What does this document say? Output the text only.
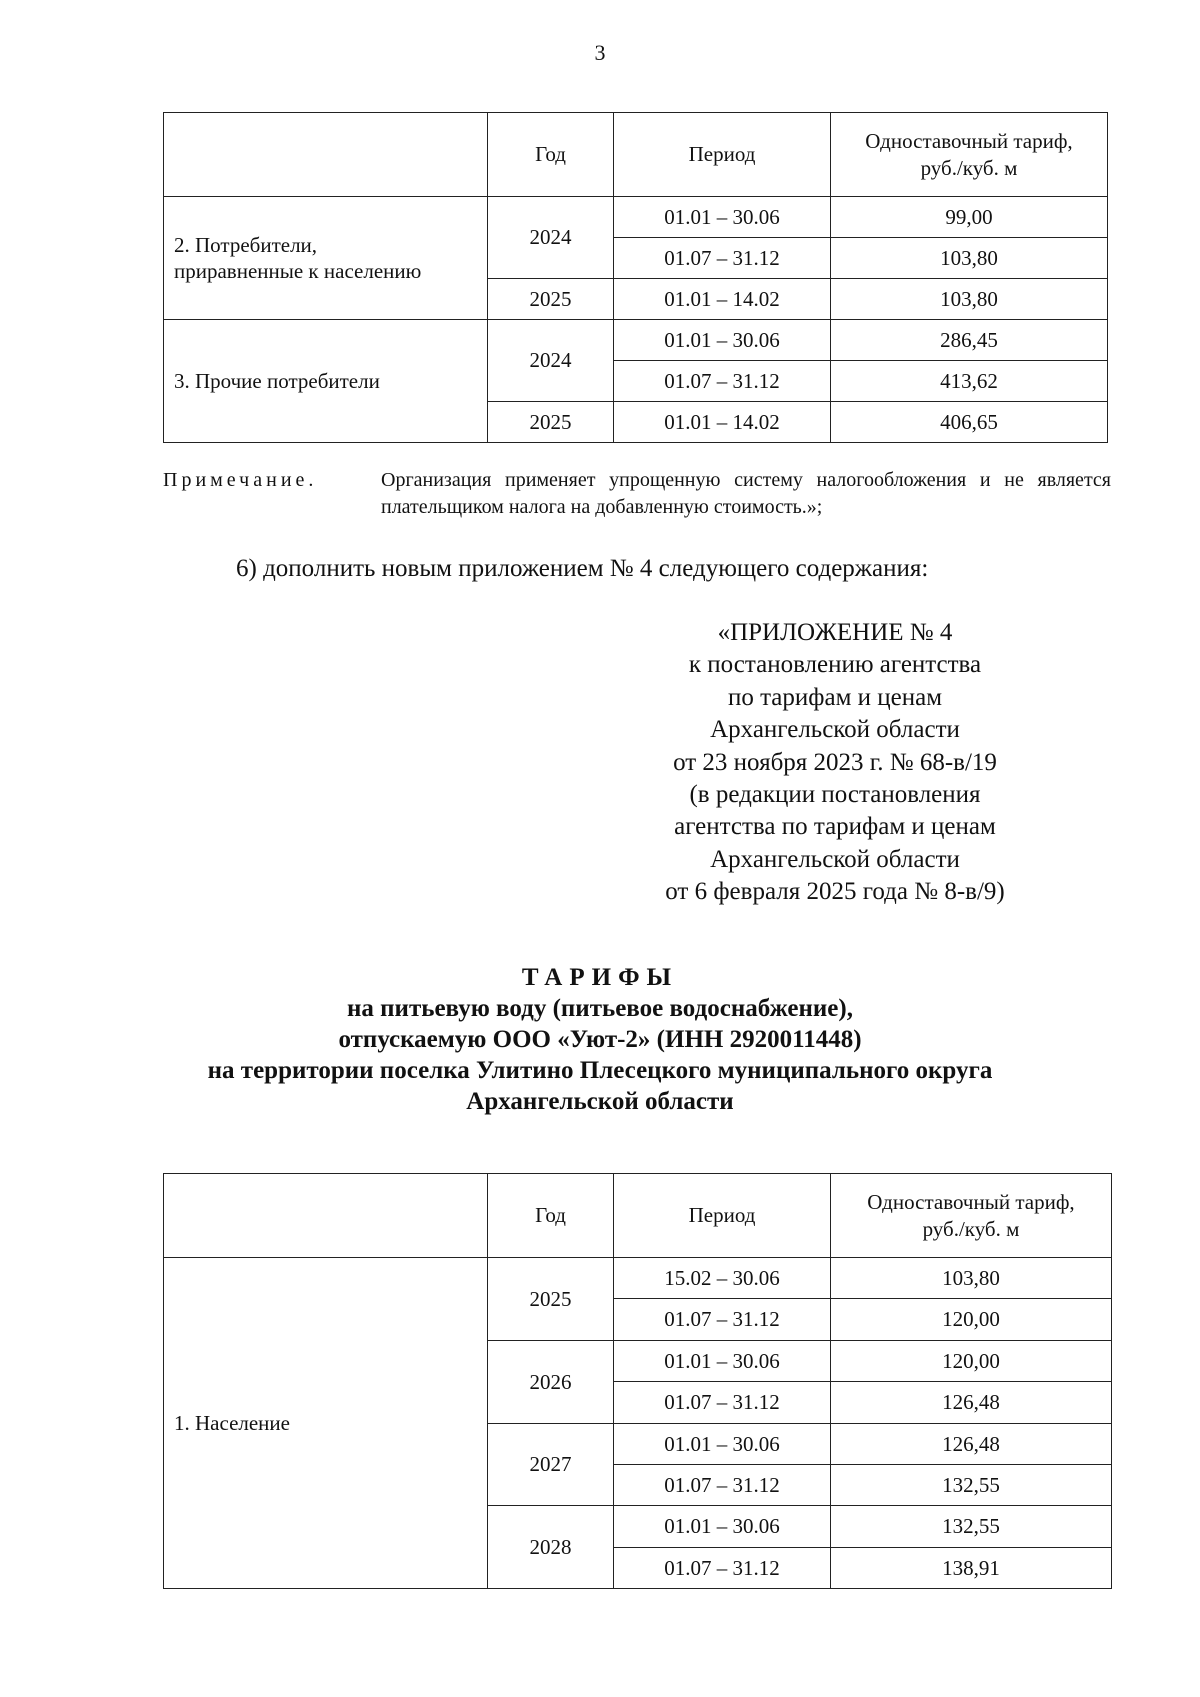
3
	Год	Период	Одноставочный тариф,
руб./куб. м

2. Потребители,
приравненные к населению	2024	01.01 – 30.06	99,00
		01.07 – 31.12	103,80
	2025	01.01 – 14.02	103,80

3. Прочие потребители	2024	01.01 – 30.06	286,45
		01.07 – 31.12	413,62
	2025	01.01 – 14.02	406,65
Примечание.	Организация применяет упрощенную систему налогообложения и не является плательщиком налога на добавленную стоимость.»;
6) дополнить новым приложением № 4 следующего содержания:
«ПРИЛОЖЕНИЕ № 4
к постановлению агентства
по тарифам и ценам
Архангельской области
от 23 ноября 2023 г. № 68-в/19
(в редакции постановления
агентства по тарифам и ценам
Архангельской области
от 6 февраля 2025 года № 8-в/9)
ТАРИФЫ
на питьевую воду (питьевое водоснабжение),
отпускаемую ООО «Уют-2» (ИНН 2920011448)
на территории поселка Улитино Плесецкого муниципального округа
Архангельской области
	Год	Период	Одноставочный тариф,
руб./куб. м

1. Население	2025	15.02 – 30.06	103,80
		01.07 – 31.12	120,00
	2026	01.01 – 30.06	120,00
		01.07 – 31.12	126,48
	2027	01.01 – 30.06	126,48
		01.07 – 31.12	132,55
	2028	01.01 – 30.06	132,55
		01.07 – 31.12	138,91
